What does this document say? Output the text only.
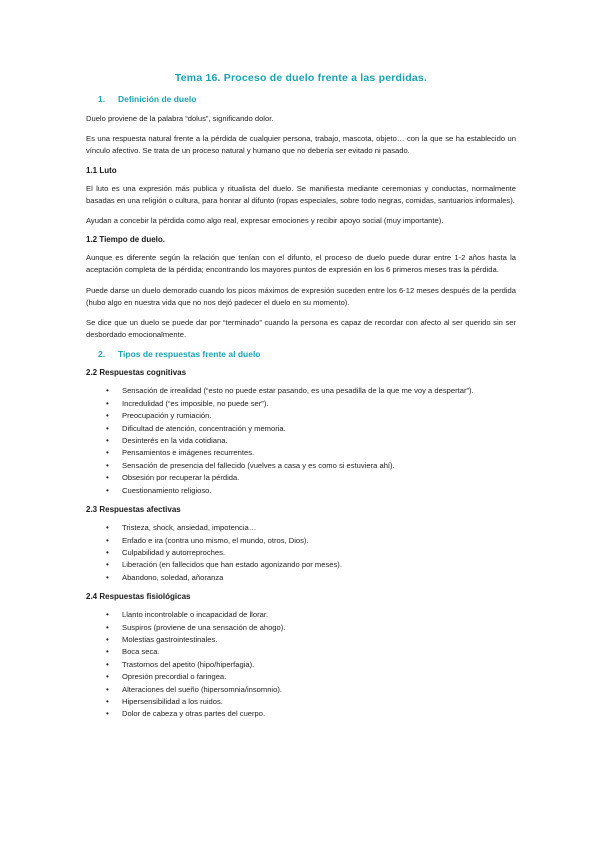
Tema 16. Proceso de duelo frente a las perdidas.
1. Definición de duelo

Duelo proviene de la palabra “dolus”, significando dolor.

Es una respuesta natural frente a la pérdida de cualquier persona, trabajo, mascota, objeto… con la que se ha establecido un vínculo afectivo. Se trata de un proceso natural y humano que no debería ser evitado ni pasado.

1.1 Luto

El luto es una expresión más publica y ritualista del duelo. Se manifiesta mediante ceremonias y conductas, normalmente basadas en una religión o cultura, para honrar al difunto (ropas especiales, sobre todo negras, comidas, santuarios informales).

Ayudan a concebir la pérdida como algo real, expresar emociones y recibir apoyo social (muy importante).

1.2 Tiempo de duelo.

Aunque es diferente según la relación que tenían con el difunto, el proceso de duelo puede durar entre 1-2 años hasta la aceptación completa de la pérdida; encontrando los mayores puntos de expresión en los 6 primeros meses tras la pérdida.

Puede darse un duelo demorado cuando los picos máximos de expresión suceden entre los 6-12 meses después de la perdida (hubo algo en nuestra vida que no nos dejó padecer el duelo en su momento).

Se dice que un duelo se puede dar por “terminado” cuando la persona es capaz de recordar con afecto al ser querido sin ser desbordado emocionalmente.

2. Tipos de respuestas frente al duelo
2.2 Respuestas cognitivas
• Sensación de irrealidad (“esto no puede estar pasando, es una pesadilla de la que me voy a despertar”).
• Incredulidad (“es imposible, no puede ser”).
• Preocupación y rumiación.
• Dificultad de atención, concentración y memoria.
• Desinterés en la vida cotidiana.
• Pensamientos e imágenes recurrentes.
• Sensación de presencia del fallecido (vuelves a casa y es como si estuviera ahí).
• Obsesión por recuperar la pérdida.
• Cuestionamiento religioso.
2.3 Respuestas afectivas
• Tristeza, shock, ansiedad, impotencia…
• Enfado e ira (contra uno mismo, el mundo, otros, Dios).
• Culpabilidad y autorreproches.
• Liberación (en fallecidos que han estado agonizando por meses).
• Abandono, soledad, añoranza
2.4 Respuestas fisiológicas
• Llanto incontrolable o incapacidad de llorar.
• Suspiros (proviene de una sensación de ahogo).
• Molestias gastrointestinales.
• Boca seca.
• Trastornos del apetito (hipo/hiperfagia).
• Opresión precordial o faringea.
• Alteraciones del sueño (hipersomnia/insomnio).
• Hipersensibilidad a los ruidos.
• Dolor de cabeza y otras partes del cuerpo.
